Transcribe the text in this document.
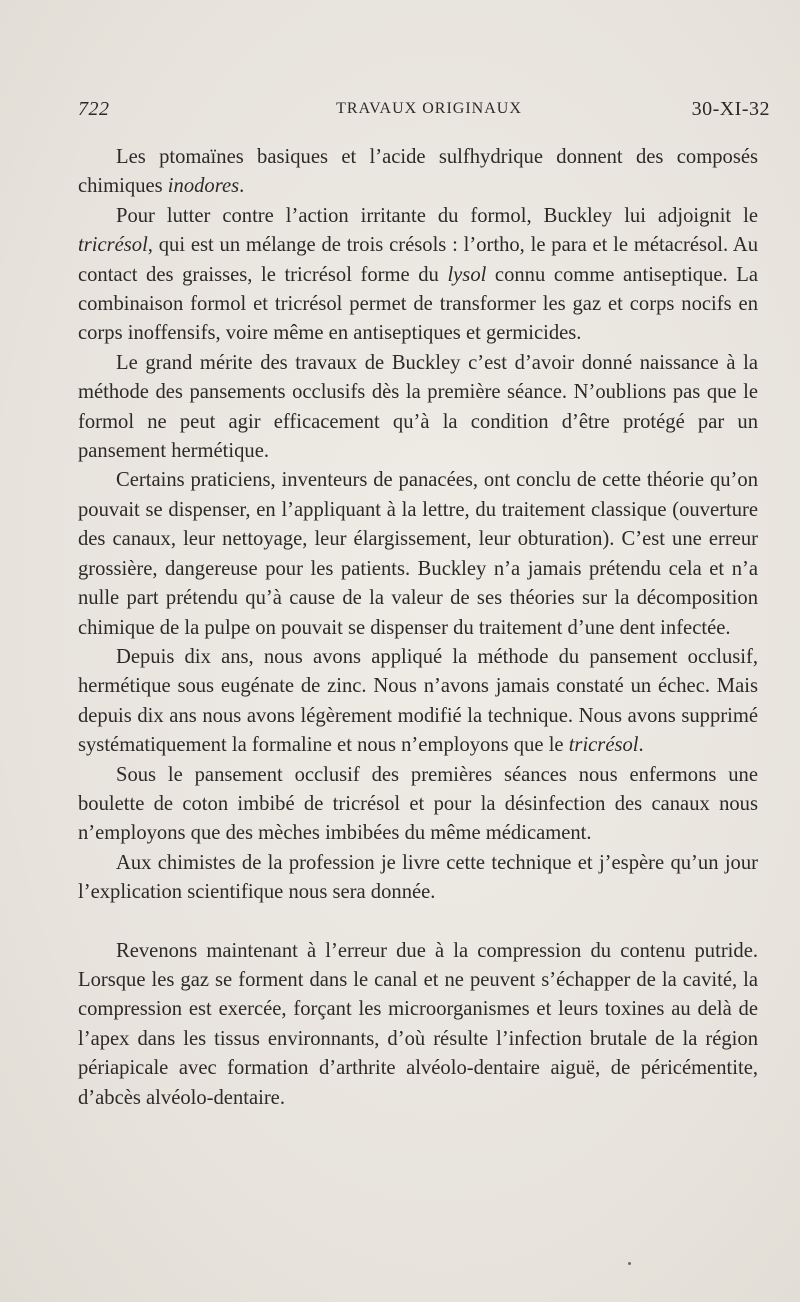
722	TRAVAUX ORIGINAUX	30-XI-32

Les ptomaïnes basiques et l’acide sulfhydrique donnent des composés chimiques inodores.

Pour lutter contre l’action irritante du formol, Buckley lui adjoignit le tricrésol, qui est un mélange de trois crésols : l’ortho, le para et le métacrésol. Au contact des graisses, le tricrésol forme du lysol connu comme antiseptique. La combinaison formol et tricrésol permet de transformer les gaz et corps nocifs en corps inoffensifs, voire même en antiseptiques et germicides.

Le grand mérite des travaux de Buckley c’est d’avoir donné naissance à la méthode des pansements occlusifs dès la première séance. N’oublions pas que le formol ne peut agir efficacement qu’à la condition d’être protégé par un pansement hermétique.

Certains praticiens, inventeurs de panacées, ont conclu de cette théorie qu’on pouvait se dispenser, en l’appliquant à la lettre, du traitement classique (ouverture des canaux, leur nettoyage, leur élargissement, leur obturation). C’est une erreur grossière, dangereuse pour les patients. Buckley n’a jamais prétendu cela et n’a nulle part prétendu qu’à cause de la valeur de ses théories sur la décomposition chimique de la pulpe on pouvait se dispenser du traitement d’une dent infectée.

Depuis dix ans, nous avons appliqué la méthode du pansement occlusif, hermétique sous eugénate de zinc. Nous n’avons jamais constaté un échec. Mais depuis dix ans nous avons légèrement modifié la technique. Nous avons supprimé systématiquement la formaline et nous n’employons que le tricrésol.

Sous le pansement occlusif des premières séances nous enfermons une boulette de coton imbibé de tricrésol et pour la désinfection des canaux nous n’employons que des mèches imbibées du même médicament.

Aux chimistes de la profession je livre cette technique et j’espère qu’un jour l’explication scientifique nous sera donnée.

Revenons maintenant à l’erreur due à la compression du contenu putride. Lorsque les gaz se forment dans le canal et ne peuvent s’échapper de la cavité, la compression est exercée, forçant les microorganismes et leurs toxines au delà de l’apex dans les tissus environnants, d’où résulte l’infection brutale de la région périapicale avec formation d’arthrite alvéolo-dentaire aiguë, de péricémentite, d’abcès alvéolo-dentaire.
